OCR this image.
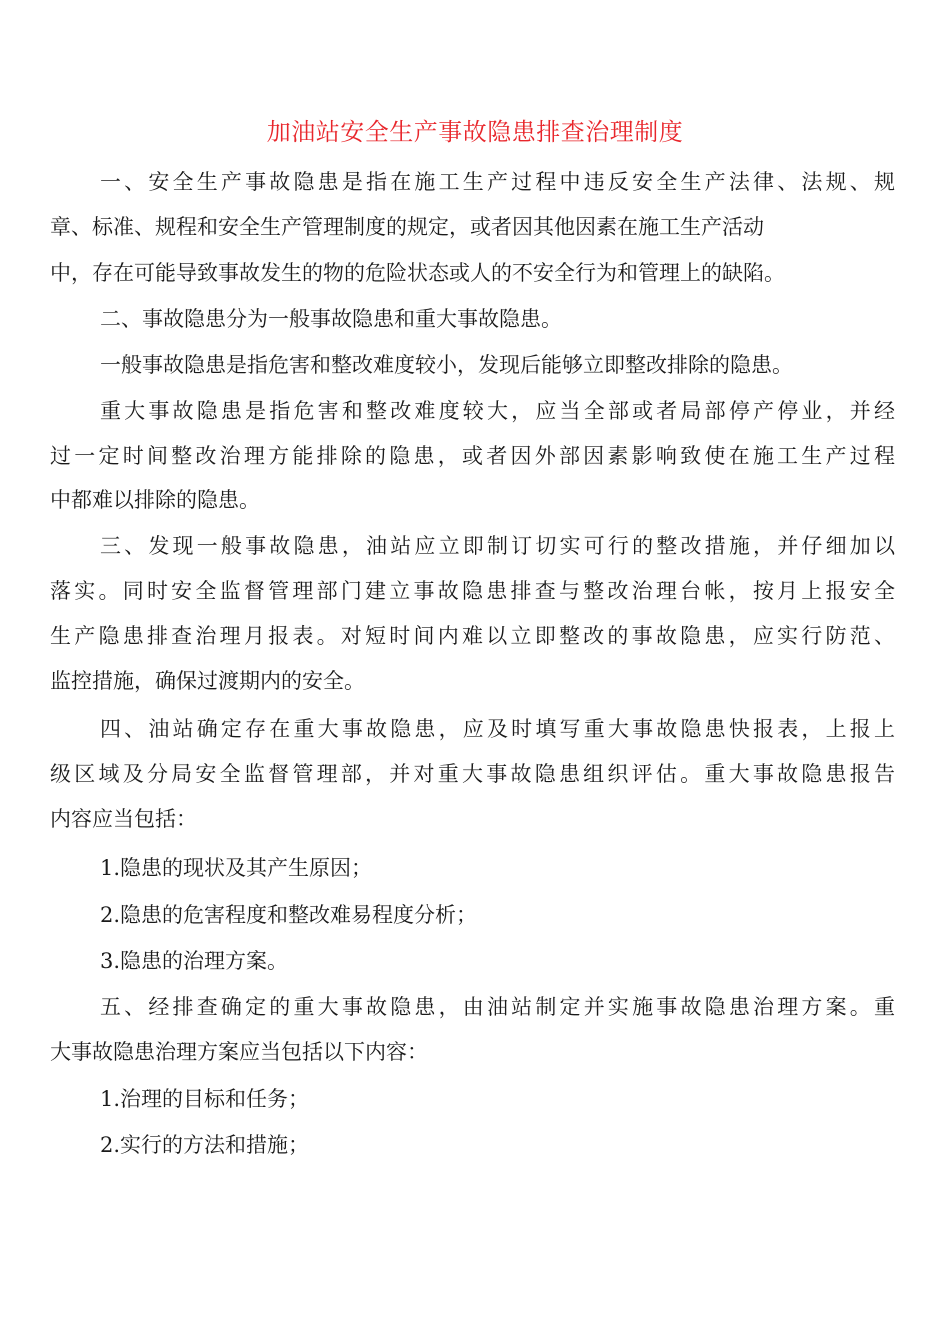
加油站安全生产事故隐患排查治理制度
一、安全生产事故隐患是指在施工生产过程中违反安全生产法律、法规、规
章、标准、规程和安全生产管理制度的规定，或者因其他因素在施工生产活动
中，存在可能导致事故发生的物的危险状态或人的不安全行为和管理上的缺陷。
二、事故隐患分为一般事故隐患和重大事故隐患。
一般事故隐患是指危害和整改难度较小，发现后能够立即整改排除的隐患。
重大事故隐患是指危害和整改难度较大，应当全部或者局部停产停业，并经
过一定时间整改治理方能排除的隐患，或者因外部因素影响致使在施工生产过程
中都难以排除的隐患。
三、发现一般事故隐患，油站应立即制订切实可行的整改措施，并仔细加以
落实。同时安全监督管理部门建立事故隐患排查与整改治理台帐，按月上报安全
生产隐患排查治理月报表。对短时间内难以立即整改的事故隐患，应实行防范、
监控措施，确保过渡期内的安全。
四、油站确定存在重大事故隐患，应及时填写重大事故隐患快报表，上报上
级区域及分局安全监督管理部，并对重大事故隐患组织评估。重大事故隐患报告
内容应当包括：
1.隐患的现状及其产生原因；
2.隐患的危害程度和整改难易程度分析；
3.隐患的治理方案。
五、经排查确定的重大事故隐患，由油站制定并实施事故隐患治理方案。重
大事故隐患治理方案应当包括以下内容：
1.治理的目标和任务；
2.实行的方法和措施；
